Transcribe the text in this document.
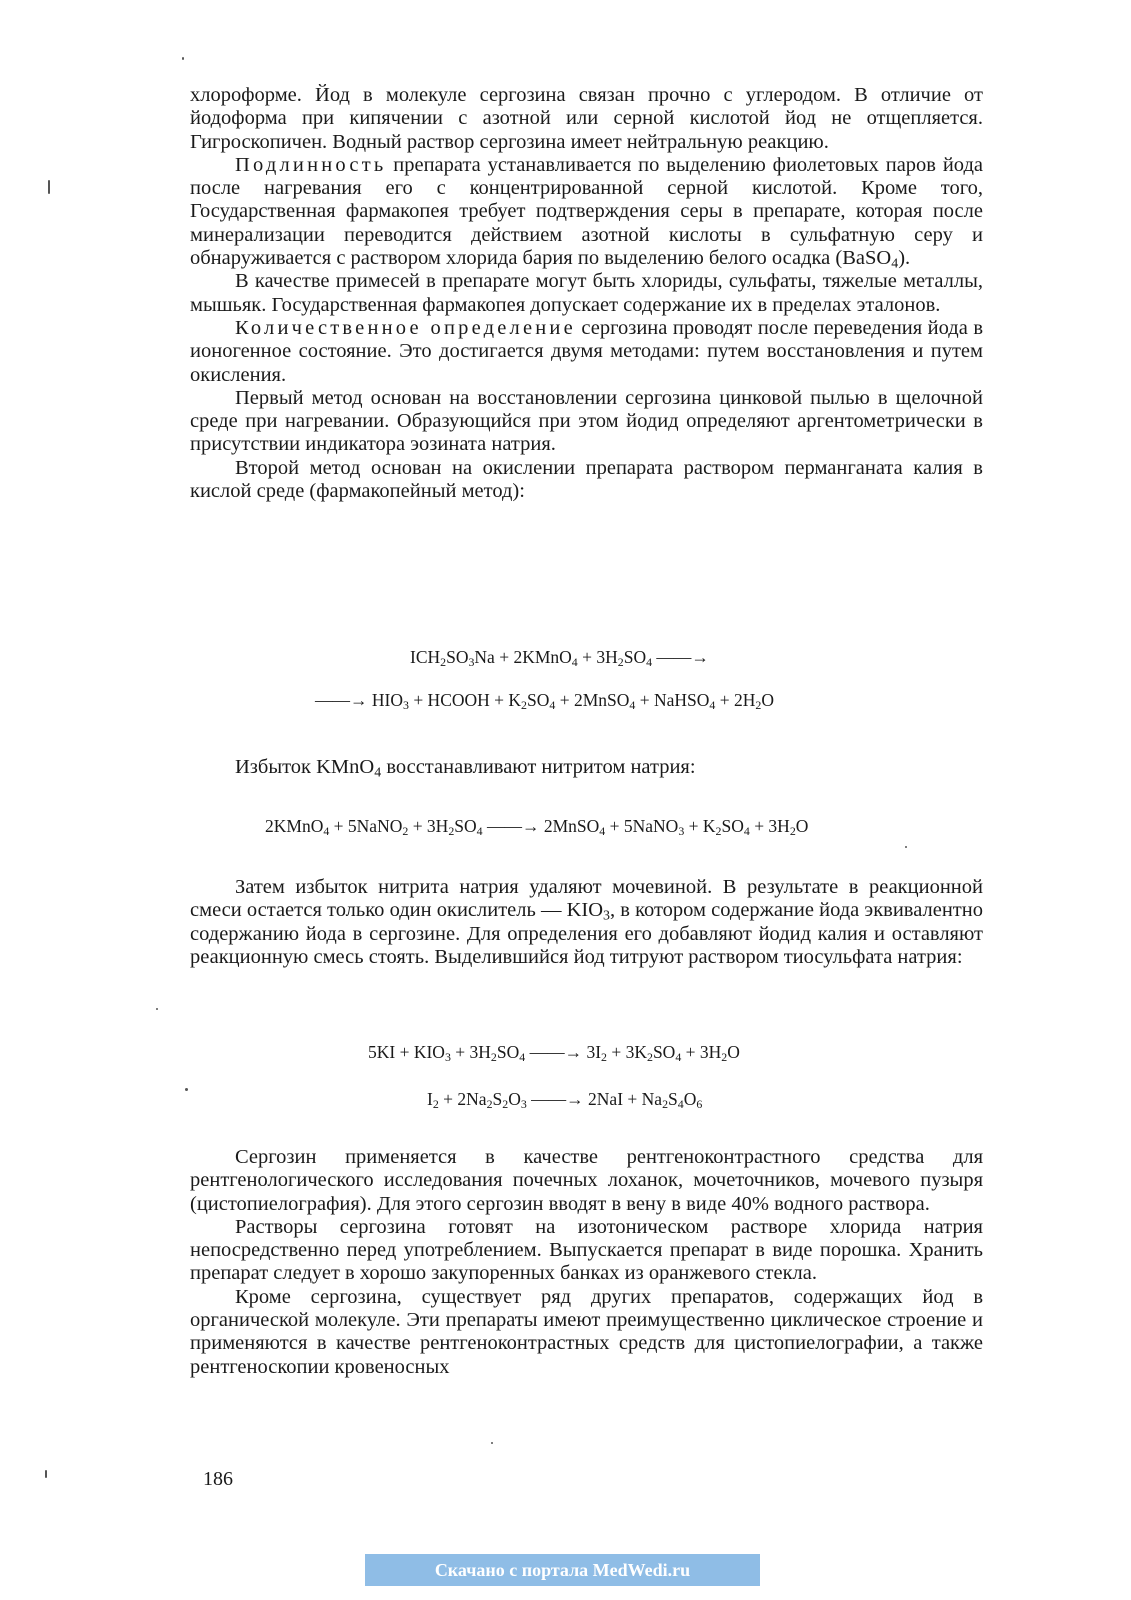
хлороформе. Йод в молекуле сергозина связан прочно с углеродом. В отличие от йодоформа при кипячении с азотной или серной кислотой йод не отщепляется. Гигроскопичен. Водный раствор сергозина имеет нейтральную реакцию.

Подлинность препарата устанавливается по выделению фиолетовых паров йода после нагревания его с концентрированной серной кислотой. Кроме того, Государственная фармакопея требует подтверждения серы в препарате, которая после минерализации переводится действием азотной кислоты в сульфатную серу и обнаруживается с раствором хлорида бария по выделению белого осадка (BaSO$_4$).

В качестве примесей в препарате могут быть хлориды, сульфаты, тяжелые металлы, мышьяк. Государственная фармакопея допускает содержание их в пределах эталонов.

Количественное определение сергозина проводят после переведения йода в ионогенное состояние. Это достигается двумя методами: путем восстановления и путем окисления.

Первый метод основан на восстановлении сергозина цинковой пылью в щелочной среде при нагревании. Образующийся при этом йодид определяют аргентометрически в присутствии индикатора эозината натрия.

Второй метод основан на окислении препарата раствором перманганата калия в кислой среде (фармакопейный метод):

$ICH_2SO_3Na$ + 2KMnO$_4$ + $3H_2SO_4$ ——→
——→ $HIO_3$ + HCOOH + $K_2SO_4$ + 2MnSO$_4$ + NaHSO$_4$ + $2H_2O$

Избыток KMnO$_4$ восстанавливают нитритом натрия:

2KMnO$_4$ + 5NaNO$_2$ + $3H_2SO_4$ ——→ 2MnSO$_4$ + 5NaNO$_3$ + $K_2SO_4 + 3H_2O$

Затем избыток нитрита натрия удаляют мочевиной. В результате в реакционной смеси остается только один окислитель — $KIO_3$, в котором содержание йода эквивалентно содержанию йода в сергозине. Для определения его добавляют йодид калия и оставляют реакционную смесь стоять. Выделившийся йод титруют раствором тиосульфата натрия:

$5KI + KIO_3 + 3H_2SO_4$ ——→ $3I_2 + 3K_2SO_4 + 3H_2O$
$I_2 + 2Na_2S_2O_3$ ——→ $2NaI + Na_2S_4O_6$

Сергозин применяется в качестве рентгеноконтрастного средства для рентгенологического исследования почечных лоханок, мочеточников, мочевого пузыря (цистопиелография). Для этого сергозин вводят в вену в виде 40% водного раствора.

Растворы сергозина готовят на изотоническом растворе хлорида натрия непосредственно перед употреблением. Выпускается препарат в виде порошка. Хранить препарат следует в хорошо закупоренных банках из оранжевого стекла.

Кроме сергозина, существует ряд других препаратов, содержащих йод в органической молекуле. Эти препараты имеют преимущественно циклическое строение и применяются в качестве рентгеноконтрастных средств для цистопиелографии, а также рентгеноскопии кровеносных

186
Скачано с портала MedWedi.ru
